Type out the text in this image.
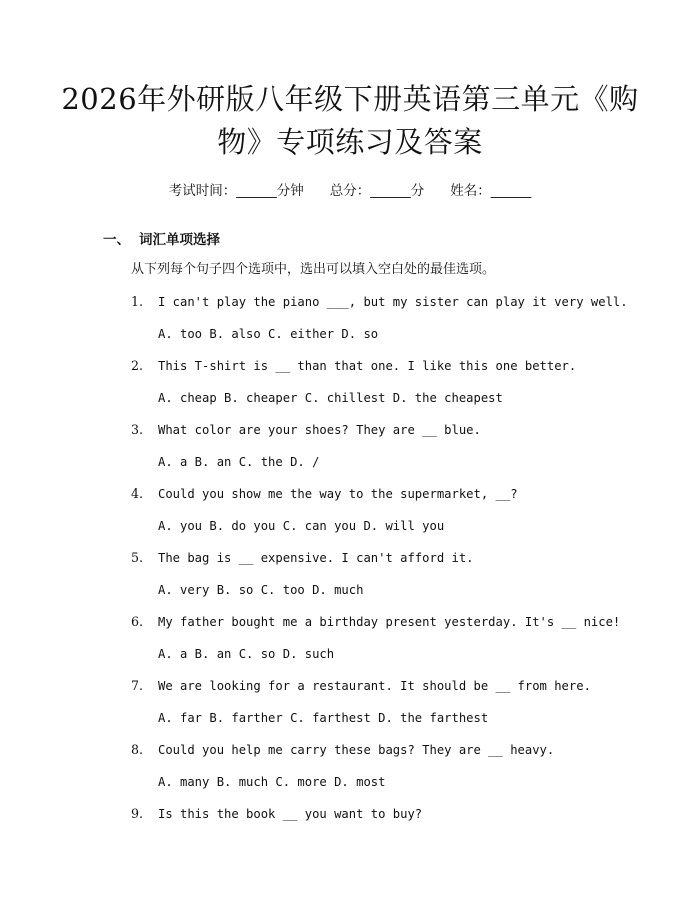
2026年外研版八年级下册英语第三单元《购物》专项练习及答案
考试时间：______分钟 总分：______分 姓名：______
一、 词汇单项选择
从下列每个句子四个选项中，选出可以填入空白处的最佳选项。
1.	I can't play the piano ___, but my sister can play it very well.
A. too B. also C. either D. so
2.	This T-shirt is __ than that one. I like this one better.
A. cheap B. cheaper C. chillest D. the cheapest
3.	What color are your shoes? They are __ blue.
A. a B. an C. the D. /
4.	Could you show me the way to the supermarket, __?
A. you B. do you C. can you D. will you
5.	The bag is __ expensive. I can't afford it.
A. very B. so C. too D. much
6.	My father bought me a birthday present yesterday. It's __ nice!
A. a B. an C. so D. such
7.	We are looking for a restaurant. It should be __ from here.
A. far B. farther C. farthest D. the farthest
8.	Could you help me carry these bags? They are __ heavy.
A. many B. much C. more D. most
9.	Is this the book __ you want to buy?
